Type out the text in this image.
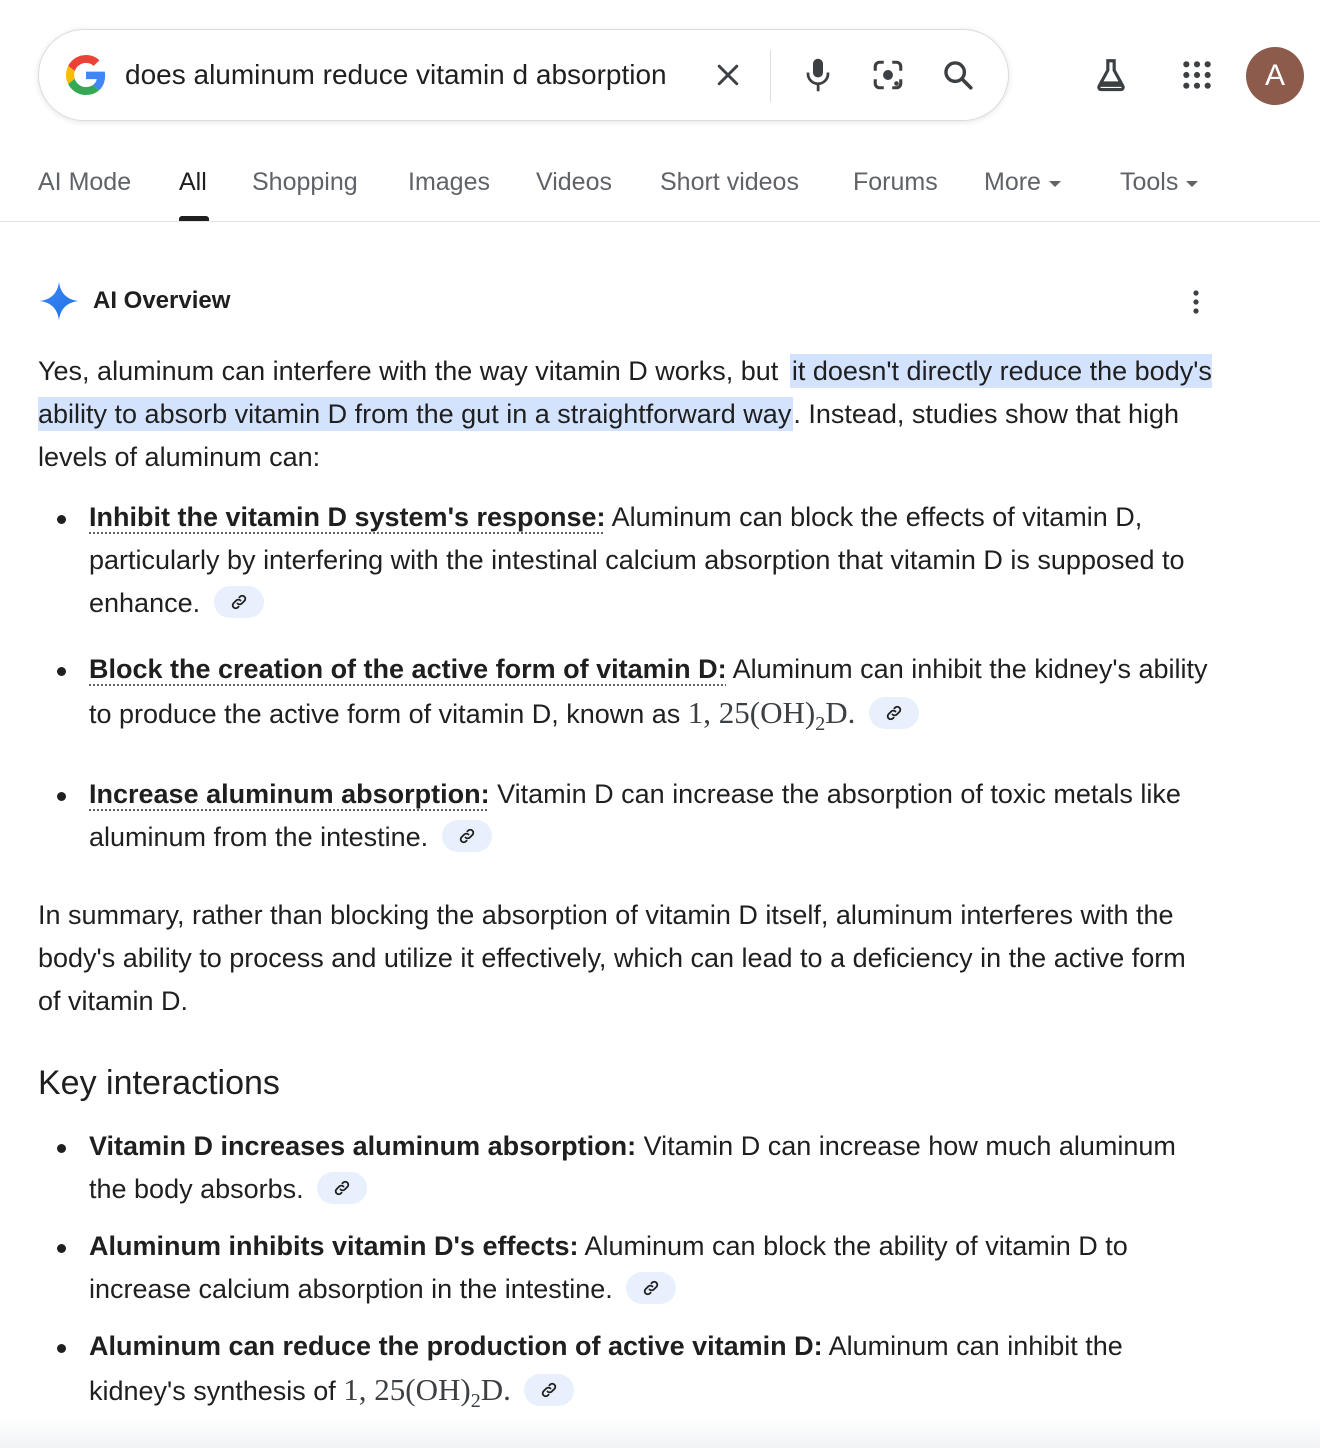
does aluminum reduce vitamin d absorption
A
AI Mode All Shopping Images Videos Short videos Forums More	Tools
AI Overview

Yes, aluminum can interfere with the way vitamin D works, but it doesn't directly reduce the body's ability to absorb vitamin D from the gut in a straightforward way. Instead, studies show that high levels of aluminum can:

Inhibit the vitamin D system's response: Aluminum can block the effects of vitamin D, particularly by interfering with the intestinal calcium absorption that vitamin D is supposed to enhance.
Block the creation of the active form of vitamin D: Aluminum can inhibit the kidney's ability to produce the active form of vitamin D, known as 1, $25(OH)_2D$.
Increase aluminum absorption: Vitamin D can increase the absorption of toxic metals like aluminum from the intestine.

In summary, rather than blocking the absorption of vitamin D itself, aluminum interferes with the body's ability to process and utilize it effectively, which can lead to a deficiency in the active form of vitamin D.

Key interactions
Vitamin D increases aluminum absorption: Vitamin D can increase how much aluminum the body absorbs.
Aluminum inhibits vitamin D's effects: Aluminum can block the ability of vitamin D to increase calcium absorption in the intestine.
Aluminum can reduce the production of active vitamin D: Aluminum can inhibit the kidney's synthesis of 1, $25(OH)_2D$.
